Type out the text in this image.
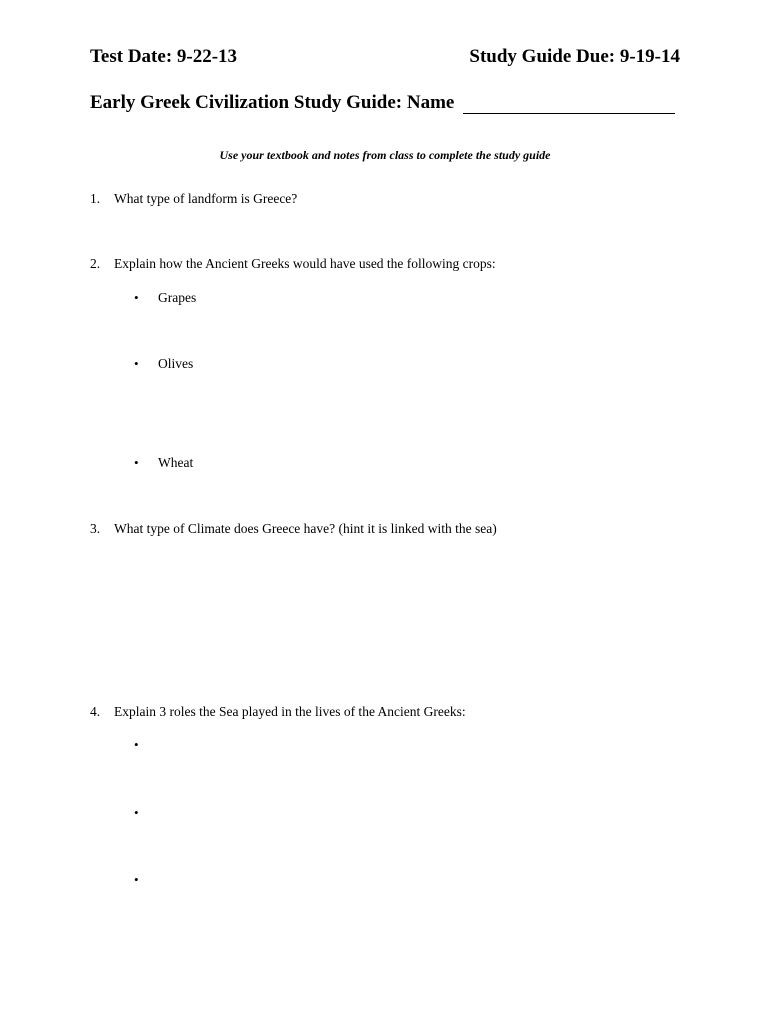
Test Date: 9-22-13	Study Guide Due: 9-19-14
Early Greek Civilization Study Guide: Name
Use your textbook and notes from class to complete the study guide
1. What type of landform is Greece?
2. Explain how the Ancient Greeks would have used the following crops:
• Grapes
• Olives
• Wheat
3. What type of Climate does Greece have? (hint it is linked with the sea)
4. Explain 3 roles the Sea played in the lives of the Ancient Greeks:
•
•
•
